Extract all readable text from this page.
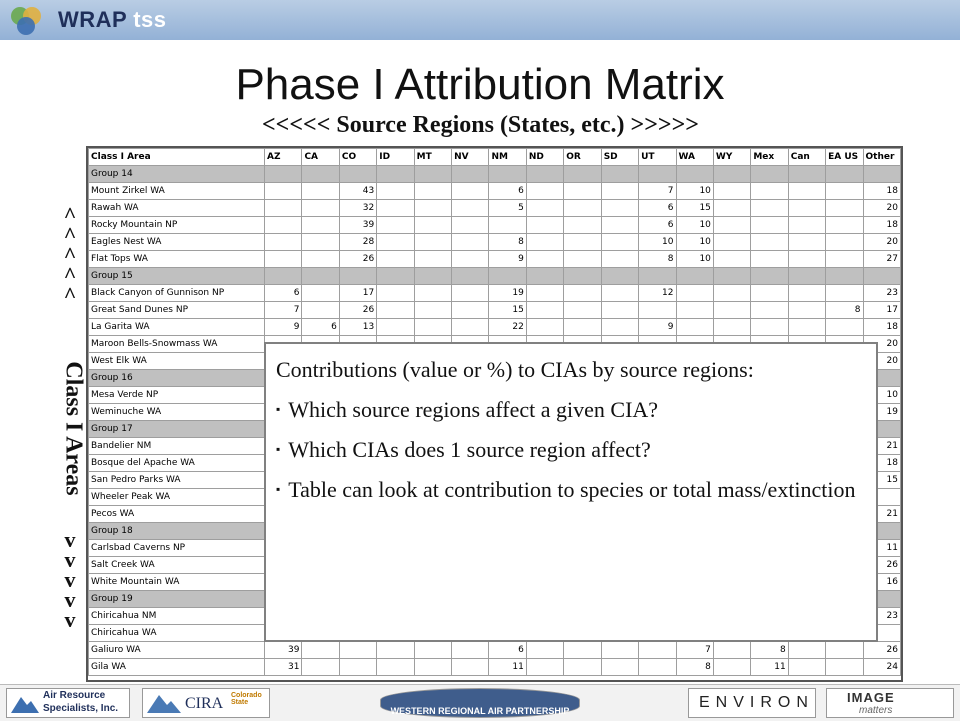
WRAP tss
Phase I Attribution Matrix
<<<<< Source Regions (States, etc.) >>>>>
^
^
^
^
^
Class I Areas
v
v
v
v
v
Class I Area	AZ	CA	CO	ID	MT	NV	NM	ND	OR	SD	UT	WA	WY	Mex	Can	EA US	Other
Group 14																	
Mount Zirkel WA			43				6				7	10					18
Rawah WA			32				5				6	15					20
Rocky Mountain NP			39								6	10					18
Eagles Nest WA			28				8				10	10					20
Flat Tops WA			26				9				8	10					27
Group 15																	
Black Canyon of Gunnison NP	6		17				19				12						23
Great Sand Dunes NP	7		26				15									8	17
La Garita WA	9	6	13				22				9						18
Maroon Bells-Snowmass WA																	20
West Elk WA																	20
Group 16																	
Mesa Verde NP																	10
Weminuche WA																	19
Group 17																	
Bandelier NM																	21
Bosque del Apache WA																	18
San Pedro Parks WA																	15
Wheeler Peak WA																	
Pecos WA																	21
Group 18																	
Carlsbad Caverns NP																	11
Salt Creek WA																	26
White Mountain WA																	16
Group 19																	
Chiricahua NM																	23
Chiricahua WA																	
Galiuro WA	39						6					7		8			26
Gila WA	31						11					8		11			24

Contributions (value or %) to CIAs by source regions:

▪ Which source regions affect a given CIA?
▪ Which CIAs does 1 source region affect?
▪ Table can look at contribution to species or total mass/extinction
Air Resource
Specialists, Inc.	CIRA Colorado State
WESTERN REGIONAL AIR PARTNERSHIP	ENVIRON	IMAGE
matters
